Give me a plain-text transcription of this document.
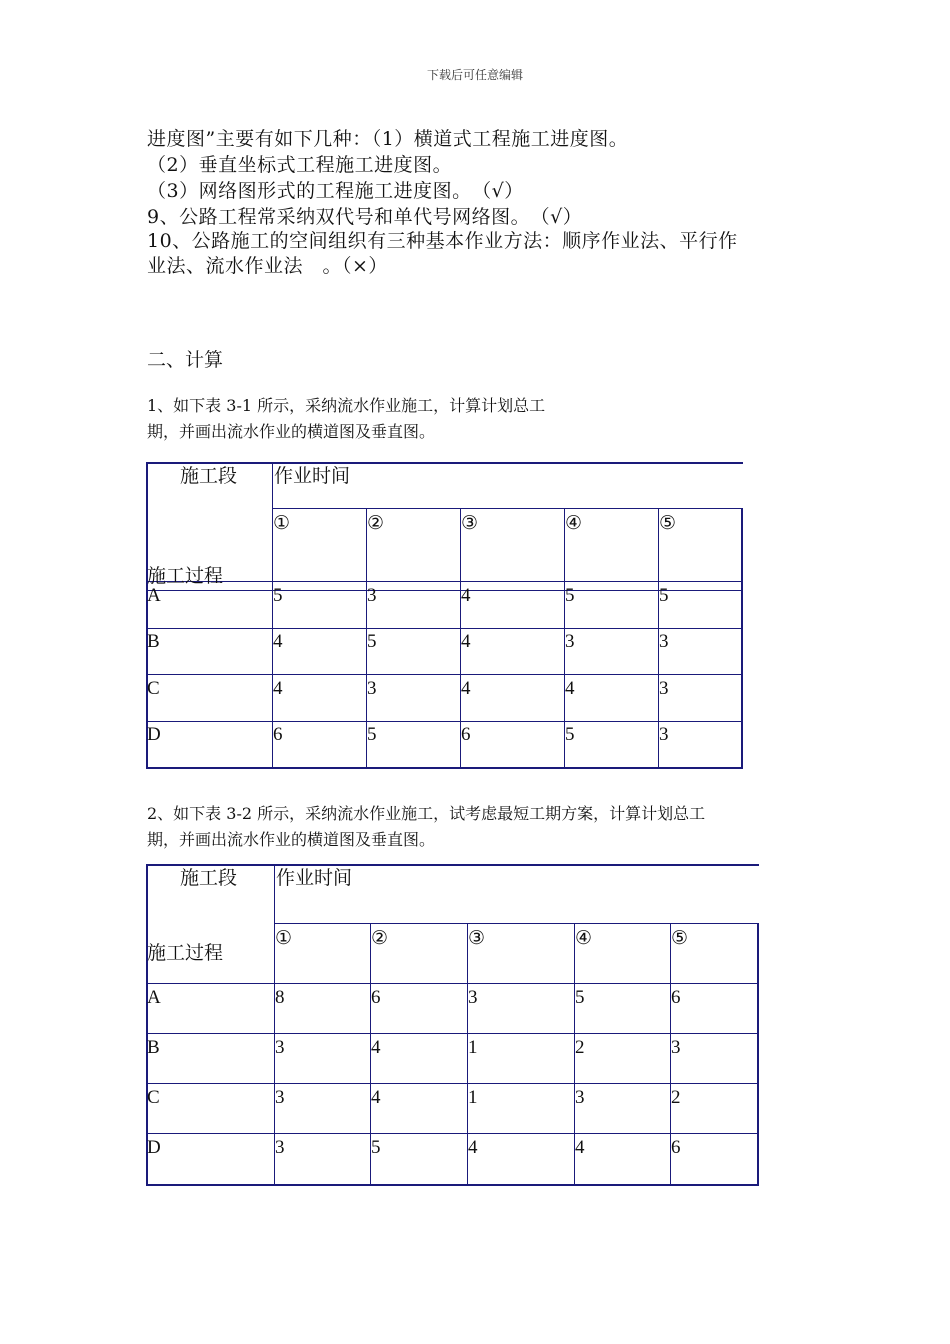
下载后可任意编辑
进度图”主要有如下几种：（1）横道式工程施工进度图。
（2）垂直坐标式工程施工进度图。
（3）网络图形式的工程施工进度图。　（√）
9、公路工程常采纳双代号和单代号网络图。　（√）
10、公路施工的空间组织有三种基本作业方法：顺序作业法、平行作
业法、流水作业法　。（×）
二、计算
1、如下表 3-1 所示，采纳流水作业施工，计算计划总工
期，并画出流水作业的横道图及垂直图。
施工段
施工过程
作业时间
①	②	③	④	⑤
A	5	3	4	5	5
B	4	5	4	3	3
C	4	3	4	4	3
D	6	5	6	5	3
2、如下表 3-2 所示，采纳流水作业施工，试考虑最短工期方案，计算计划总工
期，并画出流水作业的横道图及垂直图。
施工段
施工过程
作业时间
①	②	③	④	⑤
A	8	6	3	5	6
B	3	4	1	2	3
C	3	4	1	3	2
D	3	5	4	4	6
